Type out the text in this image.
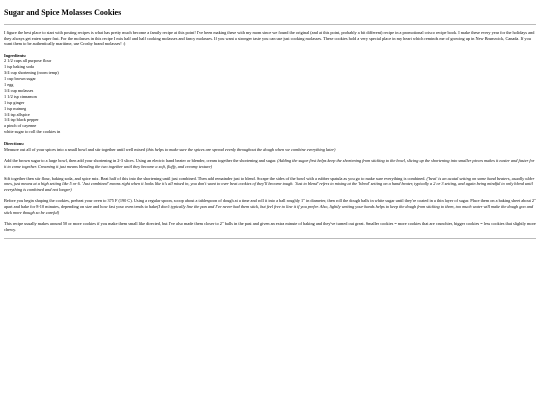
Sugar and Spice Molasses Cookies

I figure the best place to start with posting recipes is what has pretty much become a family recipe at this point! I've been making these with my mom since we found the original (and at this point, probably a bit different) recipe in a promotional crisco recipe book. I make these every year for the holidays and they always get eaten super fast. For the molasses in this recipe I mix half and half cooking molasses and fancy molasses. If you want a stronger taste you can use just cooking molasses. These cookies hold a very special place in my heart which reminds me of growing up in New Brunswick, Canada. If you want them to be authentically maritime, use Crosby brand molasses! :)

Ingredients:
2 1/2 cups all purpose flour
1 tsp baking soda
3/4 cup shortening (room temp)
1 cup brown sugar
1 egg
1/4 cup molasses
1 1/2 tsp cinnamon
1 tsp ginger
1 tsp nutmeg
1/4 tsp allspice
1/4 tsp black pepper
a pinch of cayenne
white sugar to roll the cookies in
Directions:

Measure out all of your spices into a small bowl and stir together until well mixed (this helps to make sure the spices are spread evenly throughout the dough when we combine everything later)

Add the brown sugar to a large bowl, then add your shortening in 2-3 slices. Using an electric hand beater or blender, cream together the shortening and sugar. (Adding the sugar first helps keep the shortening from sticking to the bowl, slicing up the shortening into smaller pieces makes it easier and faster for it to come together. Creaming it just means blending the two together until they become a soft, fluffy, and creamy texture)

Sift together then stir flour, baking soda, and spice mix. Beat half of this into the shortening until just combined. Then add remainder just to blend. Scrape the sides of the bowl with a rubber spatula as you go to make sure everything is combined. ('beat' is an acutal setting on some hand beaters, usually older ones, just means at a high setting like 5 or 6. 'Just combined' means right when it looks like it's all mixed in, you don't want to over beat cookies of they'll become tough. 'Just to blend' refers to mixing at the 'blend' setting on a hand beater, typically a 2 or 3 setting, and again being mindful to only blend until everything is combined and not longer)

Before you begin shaping the cookies, preheat your oven to 375 F (190 C). Using a regular spoon, scoop about a tablespoon of dough at a time and roll it into a ball roughly 1" in diameter, then roll the dough balls in white sugar until they're coated in a thin layer of sugar. Place them on a baking sheet about 2" apart and bake for 8-10 minutes, depending on size and how fast your oven tends to bake(I don't typically line the pan and I've never had them stick, but feel free to line it if you prefer. Also, lightly wetting your hands helps to keep the dough from sticking to them, too much water will make the dough goo and stick more though so be careful)

This recipe usually makes around 50 or more cookies if you make them small like directed, but I've also made them closer to 2" balls in the past and given an extra minute of baking and they've turned out great. Smaller cookies = more cookies that are crunchier, bigger cookies = less cookies that slightly more chewy.
